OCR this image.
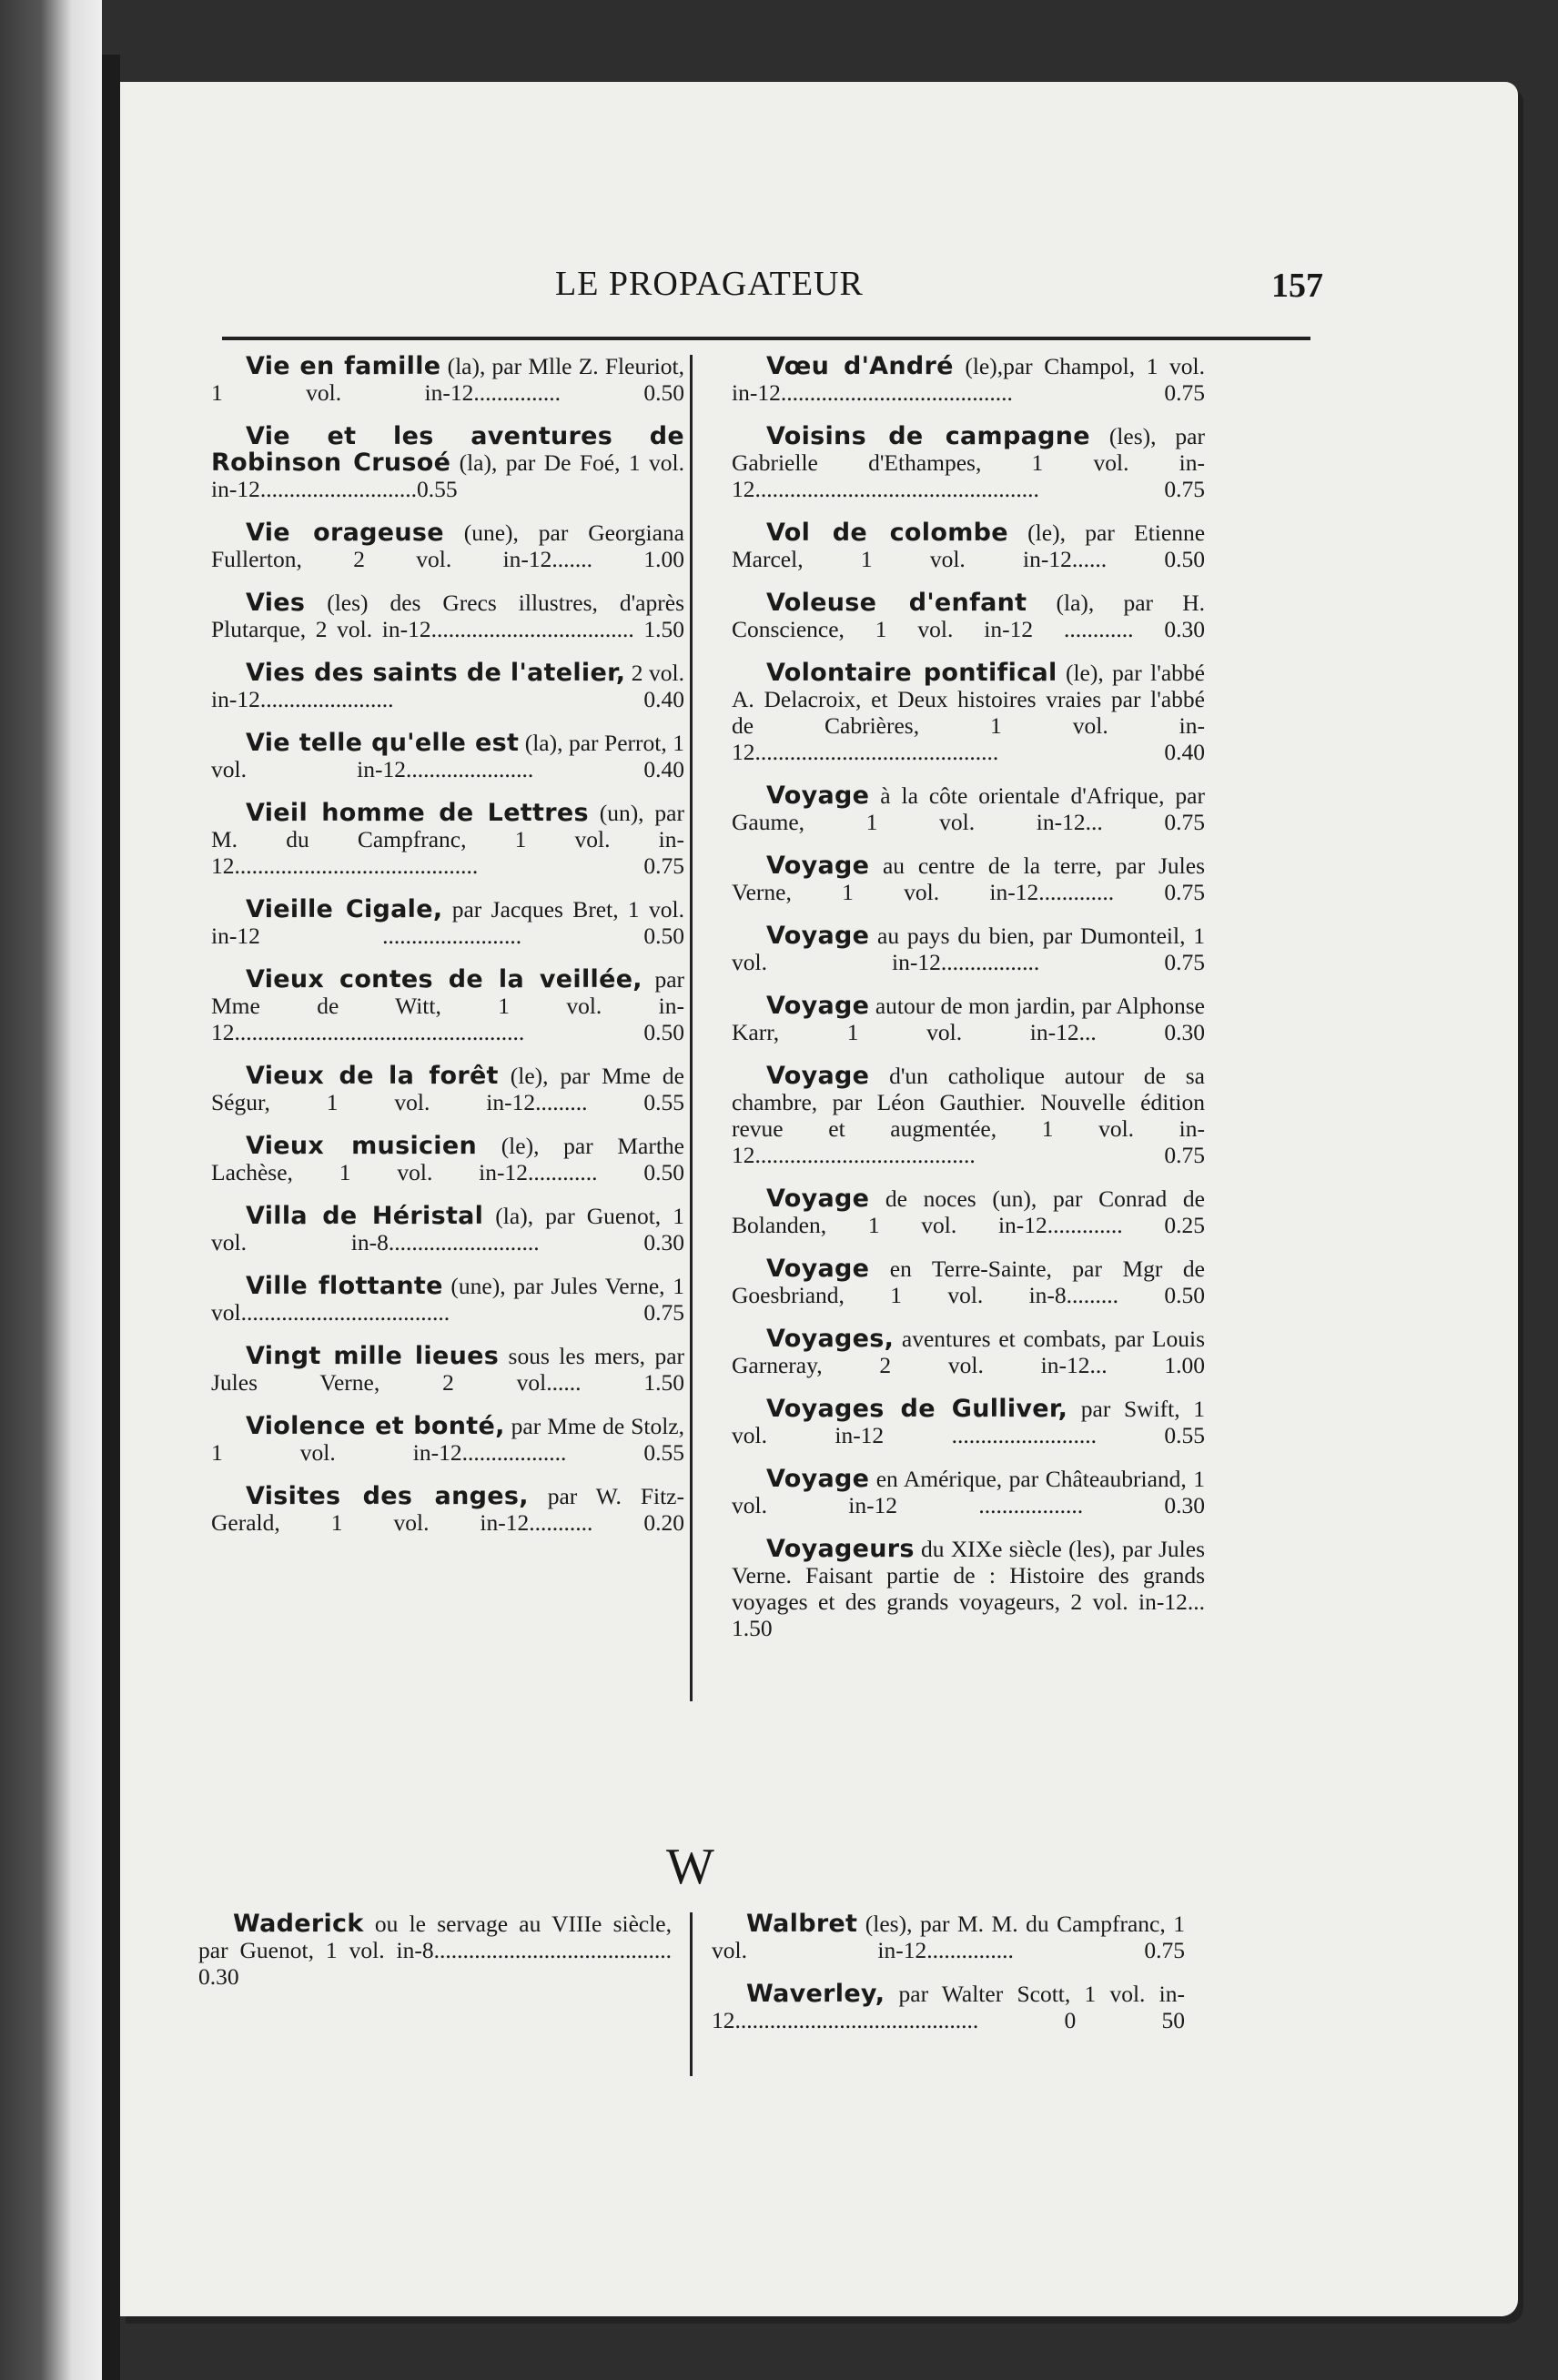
LE PROPAGATEUR	157
Vie en famille (la), par Mlle Z. Fleuriot, 1 vol. in-12............... 0.50
Vie et les aventures de Robinson Crusoé (la), par De Foé, 1 vol. in-12...........................0.55
Vie orageuse (une), par Georgiana Fullerton, 2 vol. in-12....... 1.00
Vies (les) des Grecs illustres, d'après Plutarque, 2 vol. in-12................................... 1.50
Vies des saints de l'atelier, 2 vol. in-12....................... 0.40
Vie telle qu'elle est (la), par Perrot, 1 vol. in-12...................... 0.40
Vieil homme de Lettres (un), par M. du Campfranc, 1 vol. in-12.......................................... 0.75
Vieille Cigale, par Jacques Bret, 1 vol. in-12 ........................ 0.50
Vieux contes de la veillée, par Mme de Witt, 1 vol. in-12.................................................. 0.50
Vieux de la forêt (le), par Mme de Ségur, 1 vol. in-12......... 0.55
Vieux musicien (le), par Marthe Lachèse, 1 vol. in-12............ 0.50
Villa de Héristal (la), par Guenot, 1 vol. in-8.......................... 0.30
Ville flottante (une), par Jules Verne, 1 vol.................................... 0.75
Vingt mille lieues sous les mers, par Jules Verne, 2 vol...... 1.50
Violence et bonté, par Mme de Stolz, 1 vol. in-12.................. 0.55
Visites des anges, par W. Fitz-Gerald, 1 vol. in-12........... 0.20
Vœu d'André (le),par Champol, 1 vol. in-12........................................ 0.75
Voisins de campagne (les), par Gabrielle d'Ethampes, 1 vol. in-12................................................. 0.75
Vol de colombe (le), par Etienne Marcel, 1 vol. in-12...... 0.50
Voleuse d'enfant (la), par H. Conscience, 1 vol. in-12 ............ 0.30
Volontaire pontifical (le), par l'abbé A. Delacroix, et Deux histoires vraies par l'abbé de Cabrières, 1 vol. in-12.......................................... 0.40
Voyage à la côte orientale d'Afrique, par Gaume, 1 vol. in-12... 0.75
Voyage au centre de la terre, par Jules Verne, 1 vol. in-12............. 0.75
Voyage au pays du bien, par Dumonteil, 1 vol. in-12................. 0.75
Voyage autour de mon jardin, par Alphonse Karr, 1 vol. in-12... 0.30
Voyage d'un catholique autour de sa chambre, par Léon Gauthier. Nouvelle édition revue et augmentée, 1 vol. in-12...................................... 0.75
Voyage de noces (un), par Conrad de Bolanden, 1 vol. in-12............. 0.25
Voyage en Terre-Sainte, par Mgr de Goesbriand, 1 vol. in-8......... 0.50
Voyages, aventures et combats, par Louis Garneray, 2 vol. in-12... 1.00
Voyages de Gulliver, par Swift, 1 vol. in-12 ......................... 0.55
Voyage en Amérique, par Châteaubriand, 1 vol. in-12 .................. 0.30
Voyageurs du XIXe siècle (les), par Jules Verne. Faisant partie de : Histoire des grands voyages et des grands voyageurs, 2 vol. in-12... 1.50
W
Waderick ou le servage au VIIIe siècle, par Guenot, 1 vol. in-8......................................... 0.30
Walbret (les), par M. M. du Campfranc, 1 vol. in-12............... 0.75
Waverley, par Walter Scott, 1 vol. in-12.......................................... 0 50
